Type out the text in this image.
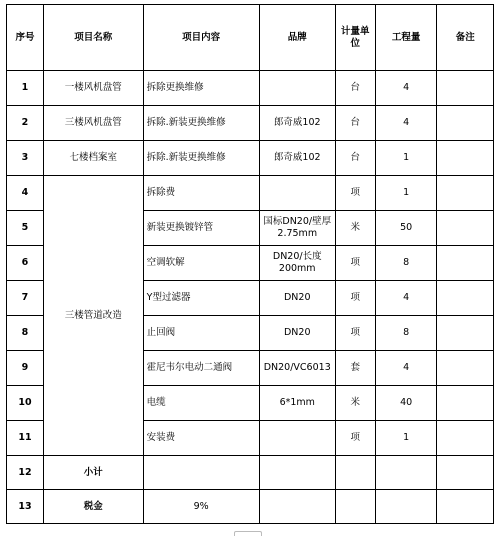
序号	项目名称	项目内容	品牌	计量单位	工程量	备注
1	一楼风机盘管	拆除更换维修		台	4	
2	三楼风机盘管	拆除.新装更换维修	郎奇威102	台	4	
3	七楼档案室	拆除.新装更换维修	郎奇威102	台	1	
4	三楼管道改造	拆除费		项	1	
5		新装更换镀锌管	国标DN20/壁厚2.75mm	米	50	
6		空调软解	DN20/长度200mm	项	8	
7		Y型过滤器	DN20	项	4	
8		止回阀	DN20	项	8	
9		霍尼韦尔电动二通阀	DN20/VC6013	套	4	
10		电缆	6*1mm	米	40	
11		安装费		项	1	
12	小计					
13	税金	9%				
